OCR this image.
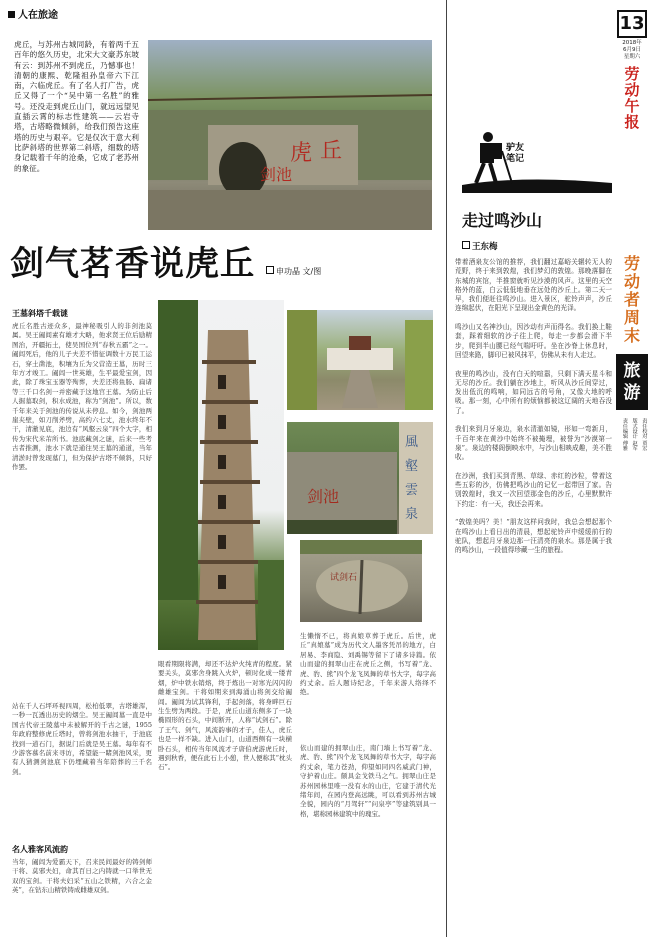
人在旅途
虎丘，与苏州古城同龄，有着两千五百年的悠久历史，北宋大文豪苏东坡有云：到苏州不到虎丘，乃憾事也！清朝的康熙、乾隆祖孙皇帝六下江南，六临虎丘。有了名人打广告，虎丘又得了一个“吴中第一名胜”的雅号。还没走到虎丘山门，就远远望见直插云霄的标志性建筑——云岩寺塔，古塔略微倾斜，给我们预告这座塔的历史与艰辛。它是仅次于意大利比萨斜塔的世界第二斜塔，细数的塔身记载着千年的沧桑，它成了老苏州的象征。
虎 丘
剑池
剑气茗香说虎丘	申功晶 文/图
王墓斜塔千载谜
虎丘名胜古迹众多，最神秘吸引人的非剑池莫属。吴王阖闾素有雄才大略，他求贤王位后励精图治，开疆拓土，使吴国位列“春秋五霸”之一。阖闾死后，他的儿子夫差不惜征调数十万民工运石，穿土凿池，积壤为丘为父营造王墓，历时三年方才竣工。阖闾一世英雄，生平最爱宝剑，因此，除了珠宝玉器等殉葬，夫差还将鱼肠、扁诸等三千口名剑一并密藏于这地宫王墓。为防止后人掘墓取剑，积水成池，称为“剑池”。所以，数千年来关于剑池的传说从未停息。如今，剑池两崖夹壁，如刀削斧劈，高约六七丈，池水终年不干，清澈见底，池边有“风壑云泉”四个大字，相传为宋代米芾所书。池底藏剑之谜，后来一些考古者推测，池水下就是通往吴王墓的通道，当年清淤时曾发现墓门，但为保护古塔不倾斜，只好作罢。
站在千人石坪环视四周，松柏低翠，古塔雄浑，一秒一瓦透出历史的烟尘。吴王阖闾墓一直是中国古代帝王陵墓中未被解开的千古之谜，1955年政府整修虎丘塔时，曾将剑池水抽干，于池底找到一道石门，据说门后就是吴王墓。每年有不少游客慕名前来寻访，希望能一睹剑池风采，更有人猜测剑池底下仍埋藏着当年陪葬的三千名剑。
名人雅客风流韵
当年，阖闾为爱霸天下，召来民间最好的铸剑师干将、莫邪夫妇，命其百日之内铸就一口举世无双的宝剑。干将夫妇采“五山之铁精，六合之金英”，在钻东山精铁铸成雌雄双剑。
剑池
風
壑
雲
泉
试剑石
眼看期限将满，却还不达炉火纯青的程度。紧要关头，莫邪舍身跳入火炉，顿时化成一缕青烟，炉中铁水销熔，终于炼出一对寒光闪闪的雌雄宝剑。干将如期来到海涌山将剑交给阖闾。阖闾为试其锋利，手起剑落，将身畔巨石生生劈为两段。于是，虎丘山道东侧多了一块椭圆形的石头，中间断开，人称“试剑石”。除了王气、剑气，风流韵事的才子，佳人，虎丘也是一样不缺。进入山门，山道西侧有一块横卧石头，相传当年风流才子唐伯虎游虎丘时，遇到秋香，便在此石上小憩，世人便称其“枕头石”。
生懒惰不已，将真娘草葬于虎丘。后世，虎丘“真娘墓”成为历代文人墨客凭吊的地方，白居易、李商隐、刘禹锡等留下了诸多诗篇。依山而建的拥翠山庄在虎丘之侧，书写着“龙、虎、豹、熊”四个龙飞凤舞的草书大字，每字高约丈余。后人题诗纪念，千年来游人络绎不绝。
依山而建的拥翠山庄，南门墙上书写着“龙、虎、豹、熊”四个龙飞凤舞的草书大字，每字高约丈余，笔力苍劲，仰望如同四名威武门神，守护着山庄。颇具金戈铁马之气。拥翠山庄是苏州园林里唯一没有水的山庄，它建于清代光绪年间，在园内登高远眺，可以看到苏州古城全貌，园内的“月驾轩”“问泉亭”等建筑别具一格，堪称园林建筑中的瑰宝。
驴友笔记
走过鸣沙山
王东梅
带着酒泉友公馆的推荐，我们翻过嘉峪关辗转无人的荒野，终于来到敦煌，我们梦幻的敦煌。那晚落脚在东城的宾馆，半推窗就听见沙漠的风声。这里的天空格外的蓝，白云低低地垂在远处的沙丘上。第二天一早，我们便赶往鸣沙山。进入景区，驼铃声声，沙丘连绵起伏，在阳光下呈现出金黄色的光泽。

鸣沙山又名神沙山，因沙动有声而得名。我们换上鞋套，踩着细软的沙子往上爬，每走一步都会滑下半步，爬到半山腰已经气喘吁吁。坐在沙脊上休息时，回望来路，脚印已被风抹平，仿佛从未有人走过。

夜里的鸣沙山，没有白天的喧嚣，只剩下满天星斗和无尽的沙丘。我们躺在沙地上，听风从沙丘间穿过，发出低沉的鸣响，如同远古的号角，又像大地的呼吸。那一刻，心中所有的烦恼都被这辽阔的天地吞没了。

我们来到月牙泉边，泉水清澈如镜，形如一弯新月，千百年来在黄沙中始终不被掩埋，被誉为“沙漠第一泉”。泉边的楼阁倒映水中，与沙山相映成趣，美不胜收。

在沙洲，我们买到青黑、草绿、赤红的沙粒，带着这些五彩的沙，仿佛把鸣沙山的记忆一起带回了家。告别敦煌时，我又一次回望那金色的沙丘，心里默默许下约定：有一天，我还会再来。

“敦煌美吗？美！”朋友这样问我时，我总会想起那个在鸣沙山上看日出的清晨，想起驼铃声中缓缓前行的驼队，想起月牙泉边那一汪清亮的泉水。那是属于我的鸣沙山，一段值得珍藏一生的旅程。
13
2018年
6月9日
星期六
劳动午报
劳动者周末
旅游
责任编辑 傅雅 版式设计 赵军 责任校对 贾宏
